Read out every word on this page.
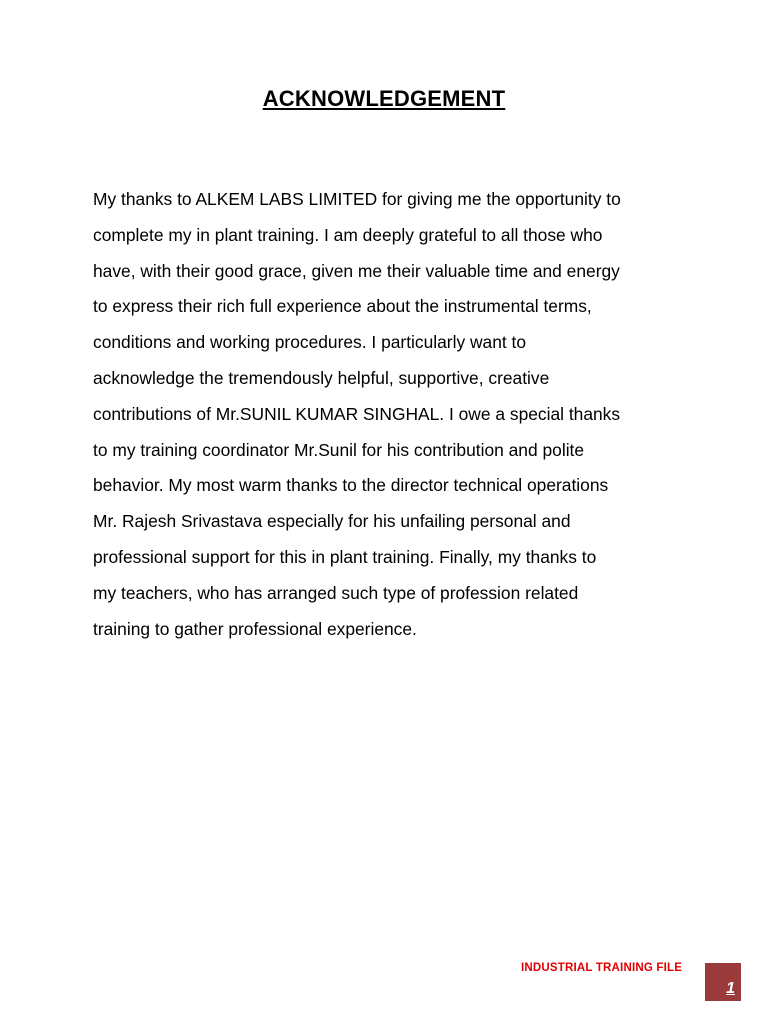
ACKNOWLEDGEMENT
My thanks to ALKEM LABS LIMITED for giving me the opportunity to
complete my in plant training. I am deeply grateful to all those who
have, with their good grace, given me their valuable time and energy
to express their rich full experience about the instrumental terms,
conditions and working procedures. I particularly want to
acknowledge the tremendously helpful, supportive, creative
contributions of Mr.SUNIL KUMAR SINGHAL. I owe a special thanks
to my training coordinator Mr.Sunil for his contribution and polite
behavior. My most warm thanks to the director technical operations
Mr. Rajesh Srivastava especially for his unfailing personal and
professional support for this in plant training. Finally, my thanks to
my teachers, who has arranged such type of profession related
training to gather professional experience.
INDUSTRIAL TRAINING FILE
1
